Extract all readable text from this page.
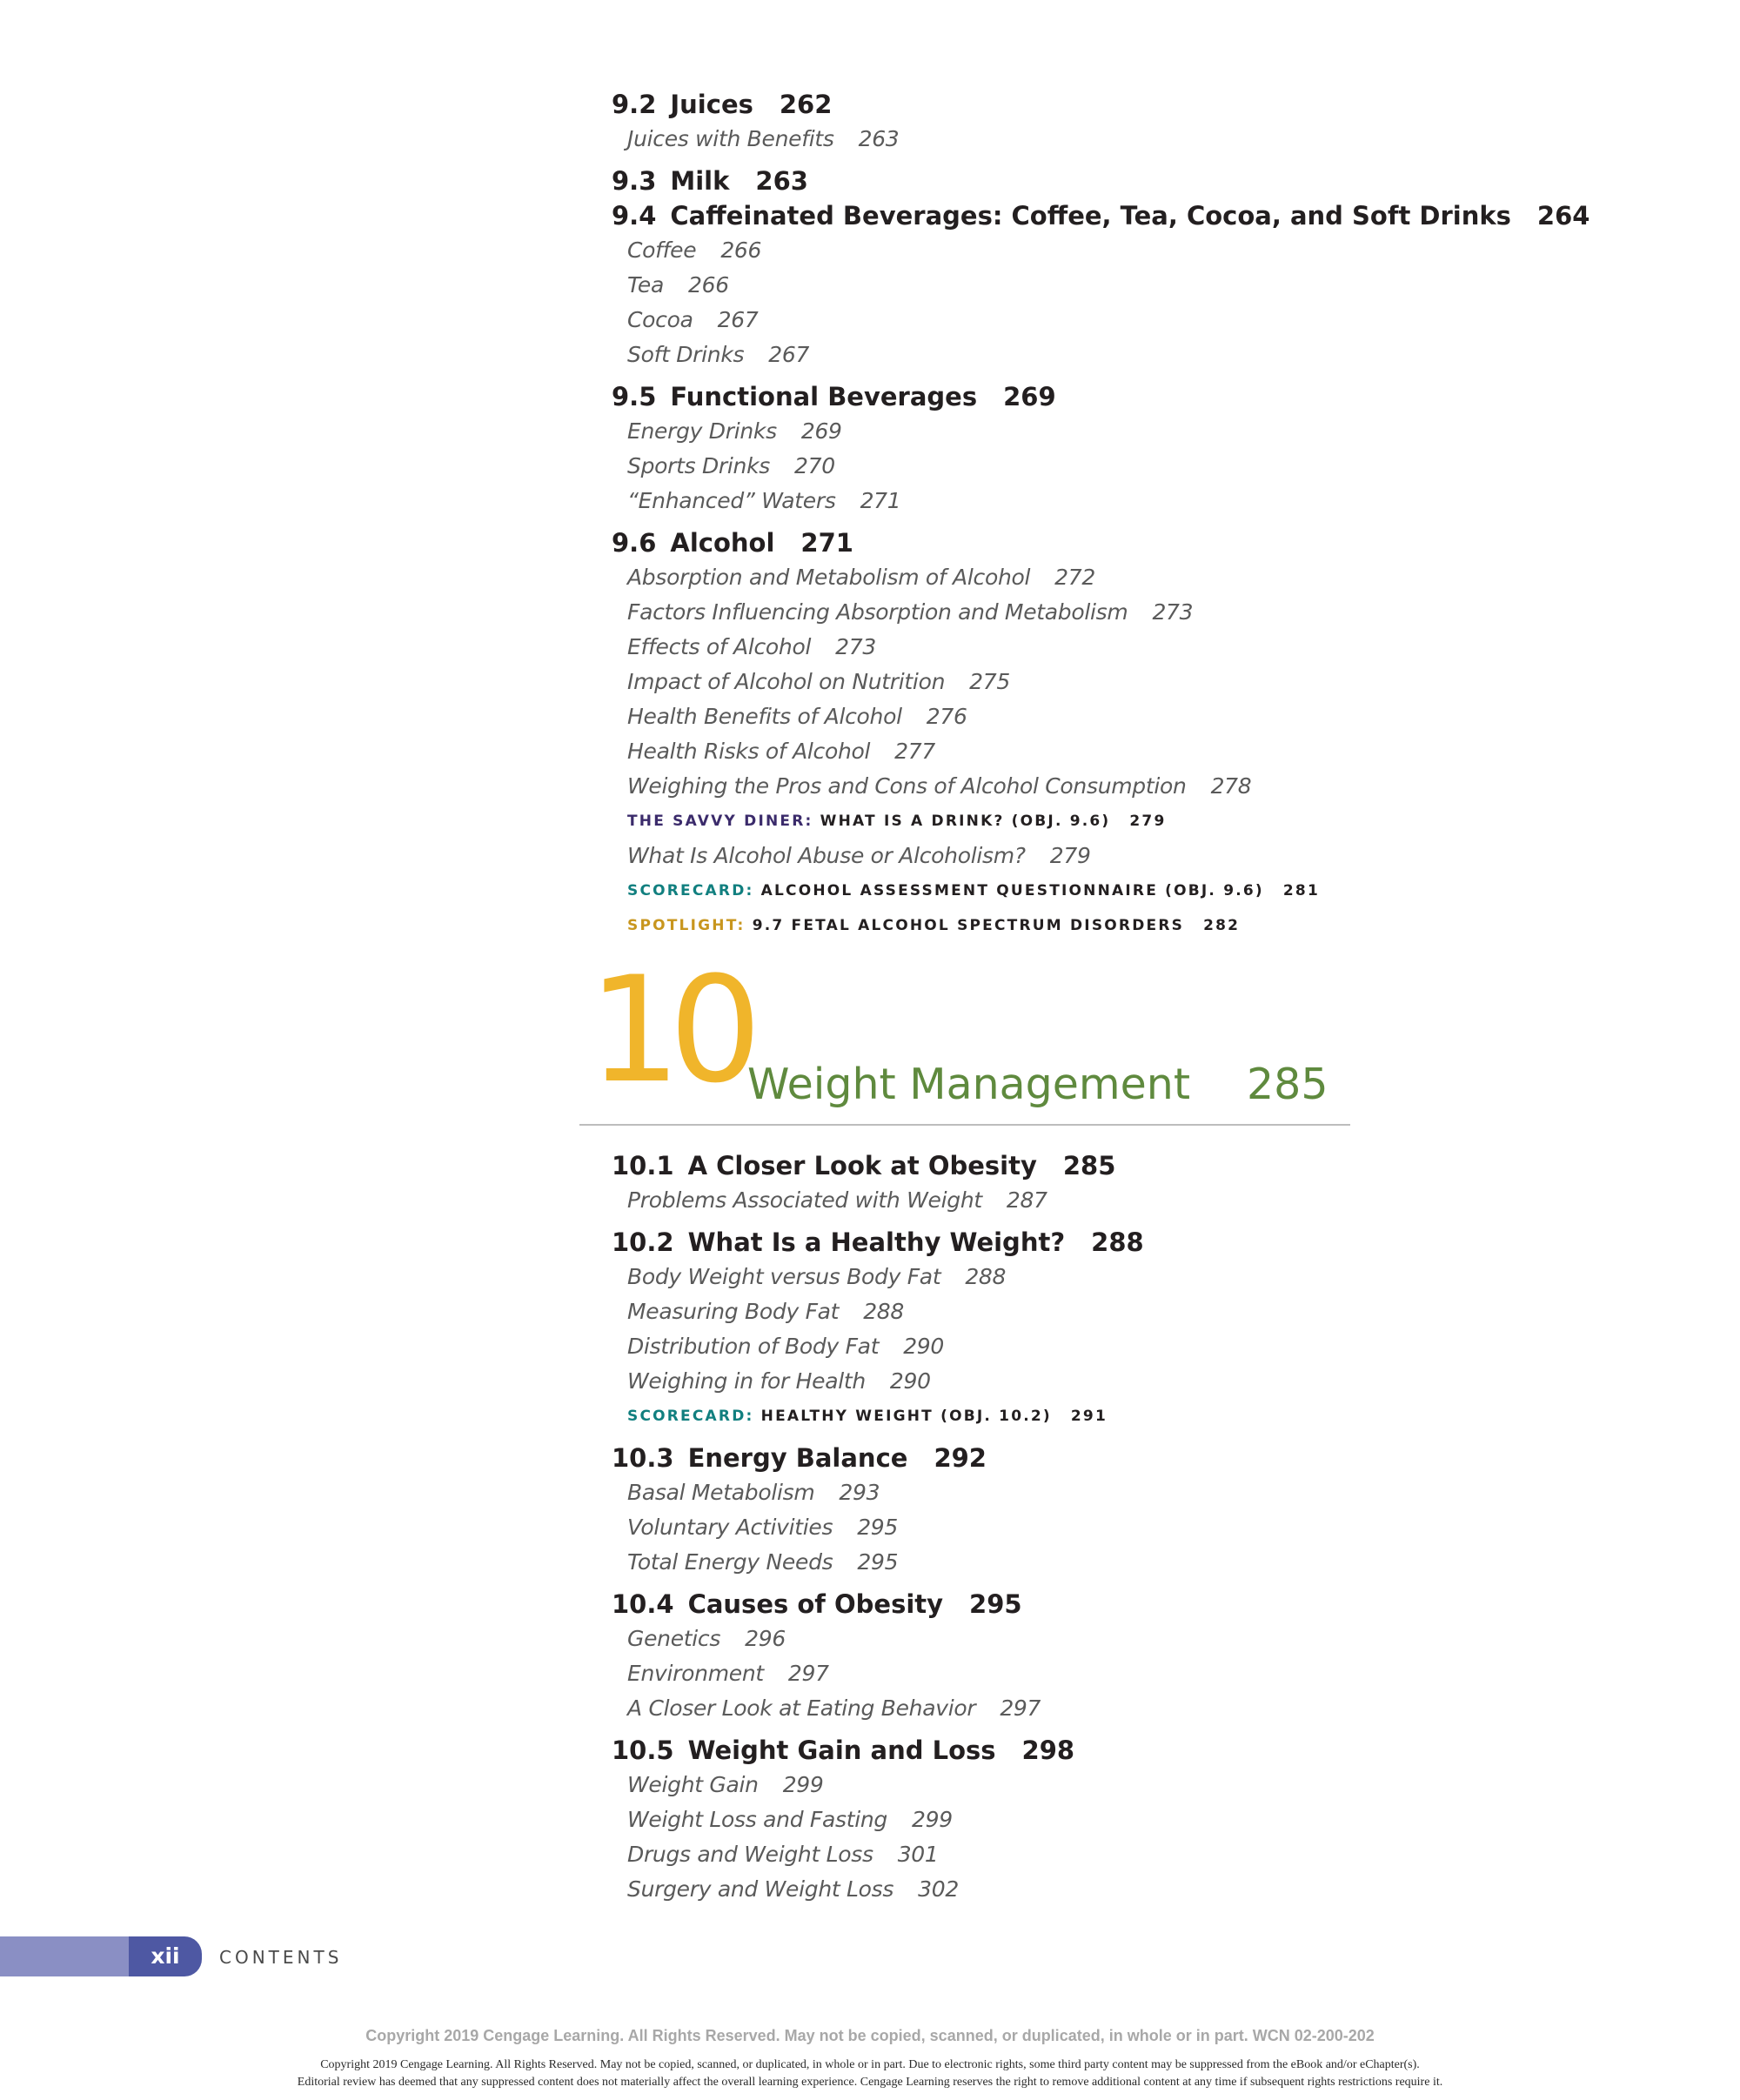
9.2 Juices 262
Juices with Benefits 263
9.3 Milk 263
9.4 Caffeinated Beverages: Coffee, Tea, Cocoa, and Soft Drinks 264
Coffee 266
Tea 266
Cocoa 267
Soft Drinks 267
9.5 Functional Beverages 269
Energy Drinks 269
Sports Drinks 270
“Enhanced” Waters 271
9.6 Alcohol 271
Absorption and Metabolism of Alcohol 272
Factors Influencing Absorption and Metabolism 273
Effects of Alcohol 273
Impact of Alcohol on Nutrition 275
Health Benefits of Alcohol 276
Health Risks of Alcohol 277
Weighing the Pros and Cons of Alcohol Consumption 278
THE SAVVY DINER: WHAT IS A DRINK? (OBJ. 9.6) 279
What Is Alcohol Abuse or Alcoholism? 279
SCORECARD: ALCOHOL ASSESSMENT QUESTIONNAIRE (OBJ. 9.6) 281
SPOTLIGHT: 9.7 FETAL ALCOHOL SPECTRUM DISORDERS 282
10
Weight Management 285
10.1 A Closer Look at Obesity 285
Problems Associated with Weight 287
10.2 What Is a Healthy Weight? 288
Body Weight versus Body Fat 288
Measuring Body Fat 288
Distribution of Body Fat 290
Weighing in for Health 290
SCORECARD: HEALTHY WEIGHT (OBJ. 10.2) 291
10.3 Energy Balance 292
Basal Metabolism 293
Voluntary Activities 295
Total Energy Needs 295
10.4 Causes of Obesity 295
Genetics 296
Environment 297
A Closer Look at Eating Behavior 297
10.5 Weight Gain and Loss 298
Weight Gain 299
Weight Loss and Fasting 299
Drugs and Weight Loss 301
Surgery and Weight Loss 302
xii	CONTENTS
Copyright 2019 Cengage Learning. All Rights Reserved. May not be copied, scanned, or duplicated, in whole or in part. WCN 02-200-202
Copyright 2019 Cengage Learning. All Rights Reserved. May not be copied, scanned, or duplicated, in whole or in part. Due to electronic rights, some third party content may be suppressed from the eBook and/or eChapter(s).
Editorial review has deemed that any suppressed content does not materially affect the overall learning experience. Cengage Learning reserves the right to remove additional content at any time if subsequent rights restrictions require it.
